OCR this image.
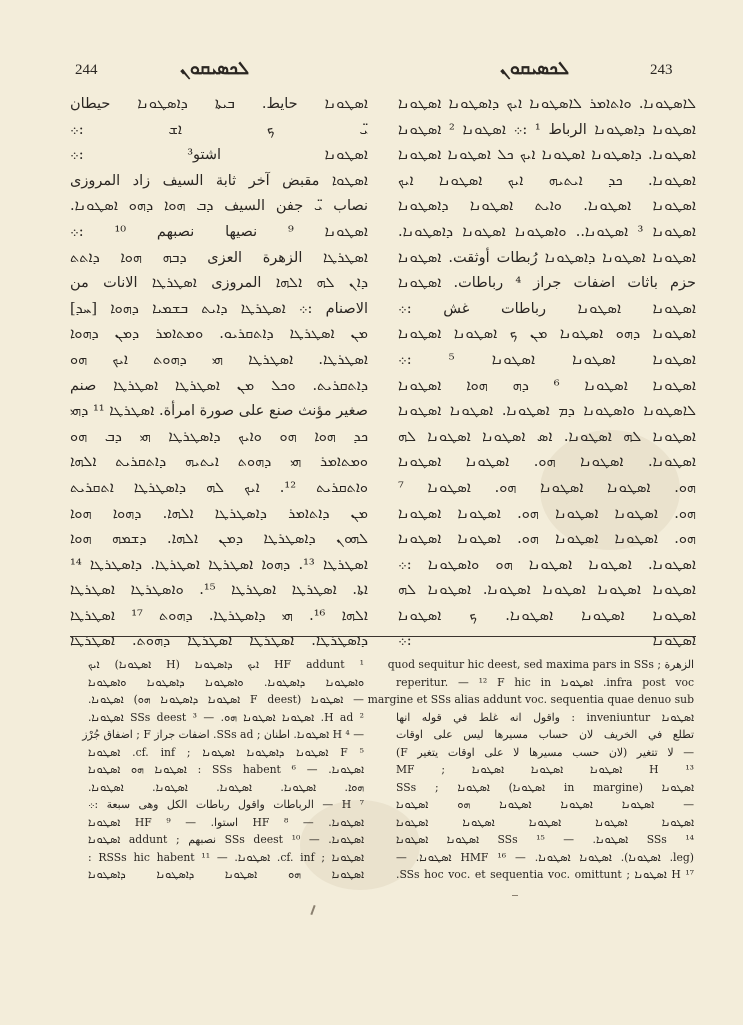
244	ܠܟܣܝܩܘܢ	ܠܟܣܝܩܘܢ	243
ܐܣܛܘܢܐ حايط. ܒܝܬܐ ܕܐܣܛܘܢܐ حيطان
ܝ̈ ܟ ܐܫ :܀
ܐܣܛܘܢܐ اشتو³ :܀
ܐܣܛܘܐ مقبض آخر ثابة السيف زاد المروزى
نصاب ܝ̈ جفن السيف ܕܒ ܗܘܐ ܕܗܘ ܐܣܛܘܢܐ.
ܐܣܛܘܢܐ ⁹ نصيها نصبهم ¹⁰ :܀
ܐܣܛܪܛܐ الزهرة العزى ܕܒܗ ܗܘܐ ܕܐܬܬ
ܕܐܢ ܠܗ ܐܠܗܐ المروزى ܐܣܛܪܛܐ الانات من
الاصنام :܀ ܐܣܛܪܛܐ ܕܐܝܬ ܒܫܡܝܐ ܕܗܘܐ [ܚܕ]
ܡܢ ܐܣܛܪܛܐ ܕܐܬܩܪܝܘ. ܘܡܬܐܡܪ ܕܡܢ ܕܗܘܐ
ܐܣܛܪܛܐ. ܐܣܛܪܛܐ ܗܝ ܕܗܘܬ ܐܝܟ ܗܘ
ܕܐܬܩܪܝܬ. ܘܟܠ ܡܢ ܐܣܛܪܛܐ ܐܣܛܪܛܐ صنم
صغير مؤنث صنع على صورة امرأة. ܐܣܛܪܛܐ ¹¹ ܕܗܝ
ܟܕ ܗܘܐ ܗܘ ܘܐܝܟ ܕܐܣܛܪܛܐ ܗܝ ܕܒ ܗܘ
ܘܡܬܐܡܪ ܗܝ ܕܗܘܬ ܐܝܬܝܗ ܕܐܬܩܪܝܬ ܐܠܗܐ
ܘܐܬܩܪܝܬ ¹². ܐܝܟ ܠܗ ܕܐܣܛܪܛܐ ܐܬܩܪܝܬ
ܡܢ ܕܐܬܐܡܪ ܕܐܣܛܪܛܐ ܐܠܗܐ. ܕܗܘܐ ܗܘܐ
ܠܗܘܢ ܕܐܣܛܪܛܐ ܕܡܢ ܐܠܗܐ. ܕܫܡܗ ܗܘܐ
ܐܣܛܪܛܐ ¹³. ܕܗܘܐ ܐܣܛܪܛܐ ܐܣܛܪܛܐ. ܕܐܣܛܪܛܐ ¹⁴
ܐܬܐ. ܐܣܛܪܛܐ ܐܣܛܪܛܐ ¹⁵. ܘܐܣܛܪܛܐ ܐܣܛܪܛܐ
ܐܠܗܐ ¹⁶. ܗܝ ܕܐܣܛܪܛܐ. ܕܗܘܬ ¹⁷ ܐܣܛܪܛܐ
ܕܐܣܛܪܛܐ. ܐܣܛܪܛܐ ܐܣܛܪܛܐ ܕܗܘܬ. ܐܣܛܪܛܐ
ܠܐܣܛܘܢܐ. ܘܐܬܐܡܪ ܠܐܣܛܘܢܐ ܐܝܟ ܕܐܣܛܘܢܐ ܐܣܛܘܢܐ
ܐܣܛܘܢܐ ܕܐܣܛܘܢܐ الرباط ¹ :܀ ܐܣܛܘܢܐ ² ܐܣܛܘܢܐ
ܐܣܛܘܢܐ. ܕܐܣܛܘܢܐ ܐܣܛܘܢܐ ܐܝܟ ܟܠ ܐܣܛܘܢܐ ܐܣܛܘܢܐ
ܐܣܛܘܢܐ. ܟܕ ܐܝܬܝܗ ܐܝܟ ܐܣܛܘܢܐ ܐܝܟ
ܐܣܛܘܢܐ ܐܣܛܘܢܐ. ܘܐܝܬ ܐܣܛܘܢܐ ܕܐܣܛܘܢܐ
ܐܣܛܘܢܐ ³ ܐܣܛܘܢܐ.. ܘܐܣܛܘܢܐ ܐܣܛܘܢܐ ܕܐܣܛܘܢܐ.
ܐܣܛܘܢܐ ܐܣܛܘܢܐ ܕܐܣܛܘܢܐ رُبطات أوثقت. ܐܣܛܘܢܐ
حزم باثات اضفات جراز ⁴ رباطات. ܐܣܛܘܢܐ
ܐܣܛܘܢܐ ܐܣܛܘܢܐ رباطات غش :܀
ܐܣܛܘܢܐ ܕܗܘ ܐܣܛܘܢܐ ܡܢ ܟ ܐܣܛܘܢܐ ܐܣܛܘܢܐ
ܐܣܛܘܢܐ ܐܣܛܘܢܐ ܐܣܛܘܢܐ ⁵ :܀
ܐܣܛܘܢܐ ܐܣܛܘܢܐ ⁶ ܕܗ ܗܘܐ ܐܣܛܘܢܐ
ܠܐܣܛܘܢܐ ܘܐܣܛܘܢܐ ܕܡ ܐܣܛܘܢܐ. ܐܣܛܘܢܐ ܐܣܛܘܢܐ
ܐܣܛܘܢܐ ܠܗ ܐܣܛܘܢܐ. ܐܣ ܐܣܛܘܢܐ ܐܣܛܘܢܐ ܠܗ
ܐܣܛܘܢܐ. ܐܣܛܘܢܐ ܗܘ. ܐܣܛܘܢܐ ܐܣܛܘܢܐ
ܗܘ. ܐܣܛܘܢܐ ܐܣܛܘܢܐ ܗܘ. ܐܣܛܘܢܐ ⁷
ܗܘ. ܐܣܛܘܢܐ ܐܣܛܘܢܐ ܗܘ. ܐܣܛܘܢܐ ܐܣܛܘܢܐ
ܗܘ. ܐܣܛܘܢܐ ܐܣܛܘܢܐ ܗܘ. ܐܣܛܘܢܐ ܐܣܛܘܢܐ
ܐܣܛܘܢܐ. ܐܣܛܘܢܐ ܐܣܛܘܢܐ ܗܘ ܘܐܣܛܘܢܐ :܀
ܐܣܛܘܢܐ ܐܣܛܘܢܐ ܐܣܛܘܢܐ ܐܣܛܘܢܐ. ܐܣܛܘܢܐ ܠܗ
ܐܣܛܘܢܐ ܐܣܛܘܢܐ ܐܣܛܘܢܐ. ܟ ܐܣܛܘܢܐ
ܐܣܛܘܢܐ :܀
¹ HF addunt ܐܝܟ ܕܐܣܛܘܢܐ (H ܐܣܛܘܢܐ) ܐܝܟ
ܘܐܣܛܘܢܐ ܕܐܣܛܘܢܐ. ܘܐܣܛܘܢܐ ܕܐܣܛܘܢܐ ܘܐܣܛܘܢܐ
— ܐܣܛܘܢܐ (F deest ܐܣܛܘܢܐ ܕܐܣܛܘܢܐ ܗܘ) ܐܣܛܘܢܐ.
² H ad. ܐܣܛܘܢܐ ܐܣܛܘܢܐ ܗܘ. — ³ SSs deest ܐܣܛܘܢܐ.
— ⁴ H ܐܣܛܘܢܐ. اطنان ; SSs ad. اضفات جراز F ; اضفاق جُرْز
⁵ F ܐܣܛܘܢܐ ܕܐܣܛܘܢܐ ܐܣܛܘܢܐ ; cf. inf. ܐܣܛܘܢܐ
ܐܣܛܘܢܐ. — ⁶ SSs habent : ܐܣܛܘܢܐ ܗܘ ܐܣܛܘܢܐ
ܗܘܐ. ܐܣܛܘܢܐ. ܐܣܛܘܢܐ. ܐܣܛܘܢܐ. ܐܣܛܘܢܐ.
⁷ H — الرباطات واقول رباطات الكل وهى سبعة :܀
ܐܣܛܘܢܐ. — ⁸ HF استوا. — ⁹ HF ܐܣܛܘܢܐ
ܐܣܛܘܢܐ. — ¹⁰ SSs deest نصبهم ; addunt ܐܣܛܘܢܐ
ܐܣܛܘܢܐ ; cf. inf. ܐܣܛܘܢܐ. — ¹¹ RSSs hic habent :
ܐܣܛܘܢܐ ܗܘ ܐܣܛܘܢܐ ܕܐܣܛܘܢܐ ܕܐܣܛܘܢܐ
الزهرة ; quod sequitur hic deest, sed maxima pars in SSs
infra post voc. ܐܣܛܘܢܐ reperitur. — ¹² F hic in
margine et SSs alias addunt voc. sequentia quae denuo sub
ܐܣܛܘܢܐ inveniuntur : واقول انه غلط في قوله انها
تطلع في الخريف لان حساب مسيرها ليس على اوقات
— لا تتغير (لان حسب مسيرها لا على اوقات يتغير F)
¹³ H ܐܣܛܘܢܐ ܐܣܛܘܢܐ ܐܣܛܘܢܐ ; MF
ܐܣܛܘܢܐ (in margine ܐܣܛܘܢܐ) ܐܣܛܘܢܐ ; SSs
— ܐܣܛܘܢܐ ܐܣܛܘܢܐ ܐܣܛܘܢܐ ܗܘ ܐܣܛܘܢܐ
ܐܣܛܘܢܐ ܐܣܛܘܢܐ ܐܣܛܘܢܐ ܐܣܛܘܢܐ ܐܣܛܘܢܐ
¹⁴ SSs ܐܣܛܘܢܐ. — ¹⁵ SSs ܐܣܛܘܢܐ ܐܣܛܘܢܐ
(leg. ܐܣܛܘܢܐ). ܐܣܛܘܢܐ ܐܣܛܘܢܐ. — ¹⁶ HMF ܐܣܛܘܢܐ. —
¹⁷ H ܐܣܛܘܢܐ ; SSs hoc voc. et sequentia voc. omittunt.
